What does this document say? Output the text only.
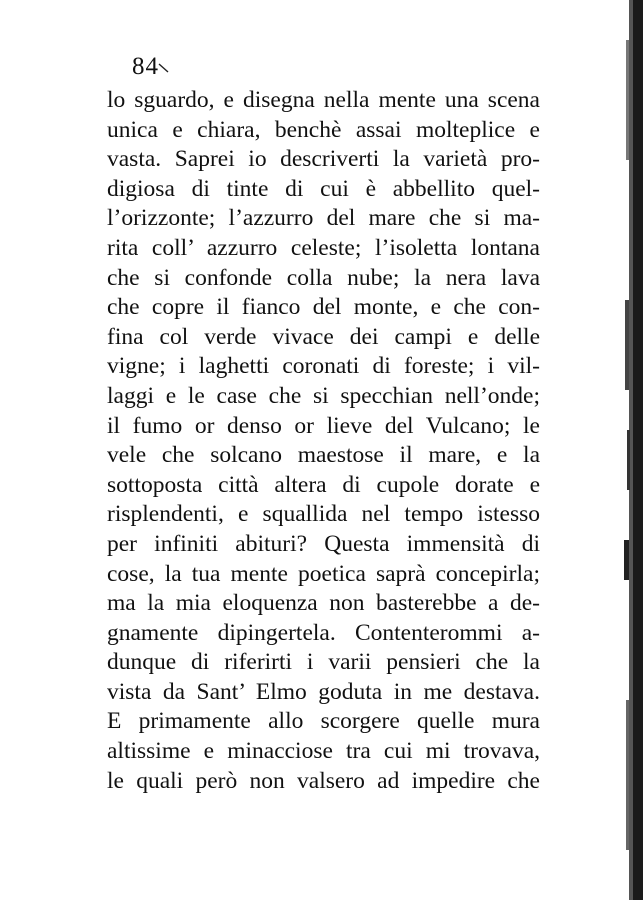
84
lo sguardo, e disegna nella mente una scena
unica e chiara, benchè assai molteplice e
vasta. Saprei io descriverti la varietà pro-
digiosa di tinte di cui è abbellito quel-
l’orizzonte; l’azzurro del mare che si ma-
rita coll’ azzurro celeste; l’isoletta lontana
che si confonde colla nube; la nera lava
che copre il fianco del monte, e che con-
fina col verde vivace dei campi e delle
vigne; i laghetti coronati di foreste; i vil-
laggi e le case che si specchian nell’onde;
il fumo or denso or lieve del Vulcano; le
vele che solcano maestose il mare, e la
sottoposta città altera di cupole dorate e
risplendenti, e squallida nel tempo istesso
per infiniti abituri? Questa immensità di
cose, la tua mente poetica saprà concepirla;
ma la mia eloquenza non basterebbe a de-
gnamente dipingertela. Contenterommi a-
dunque di riferirti i varii pensieri che la
vista da Sant’ Elmo goduta in me destava.
E primamente allo scorgere quelle mura
altissime e minacciose tra cui mi trovava,
le quali però non valsero ad impedire che
